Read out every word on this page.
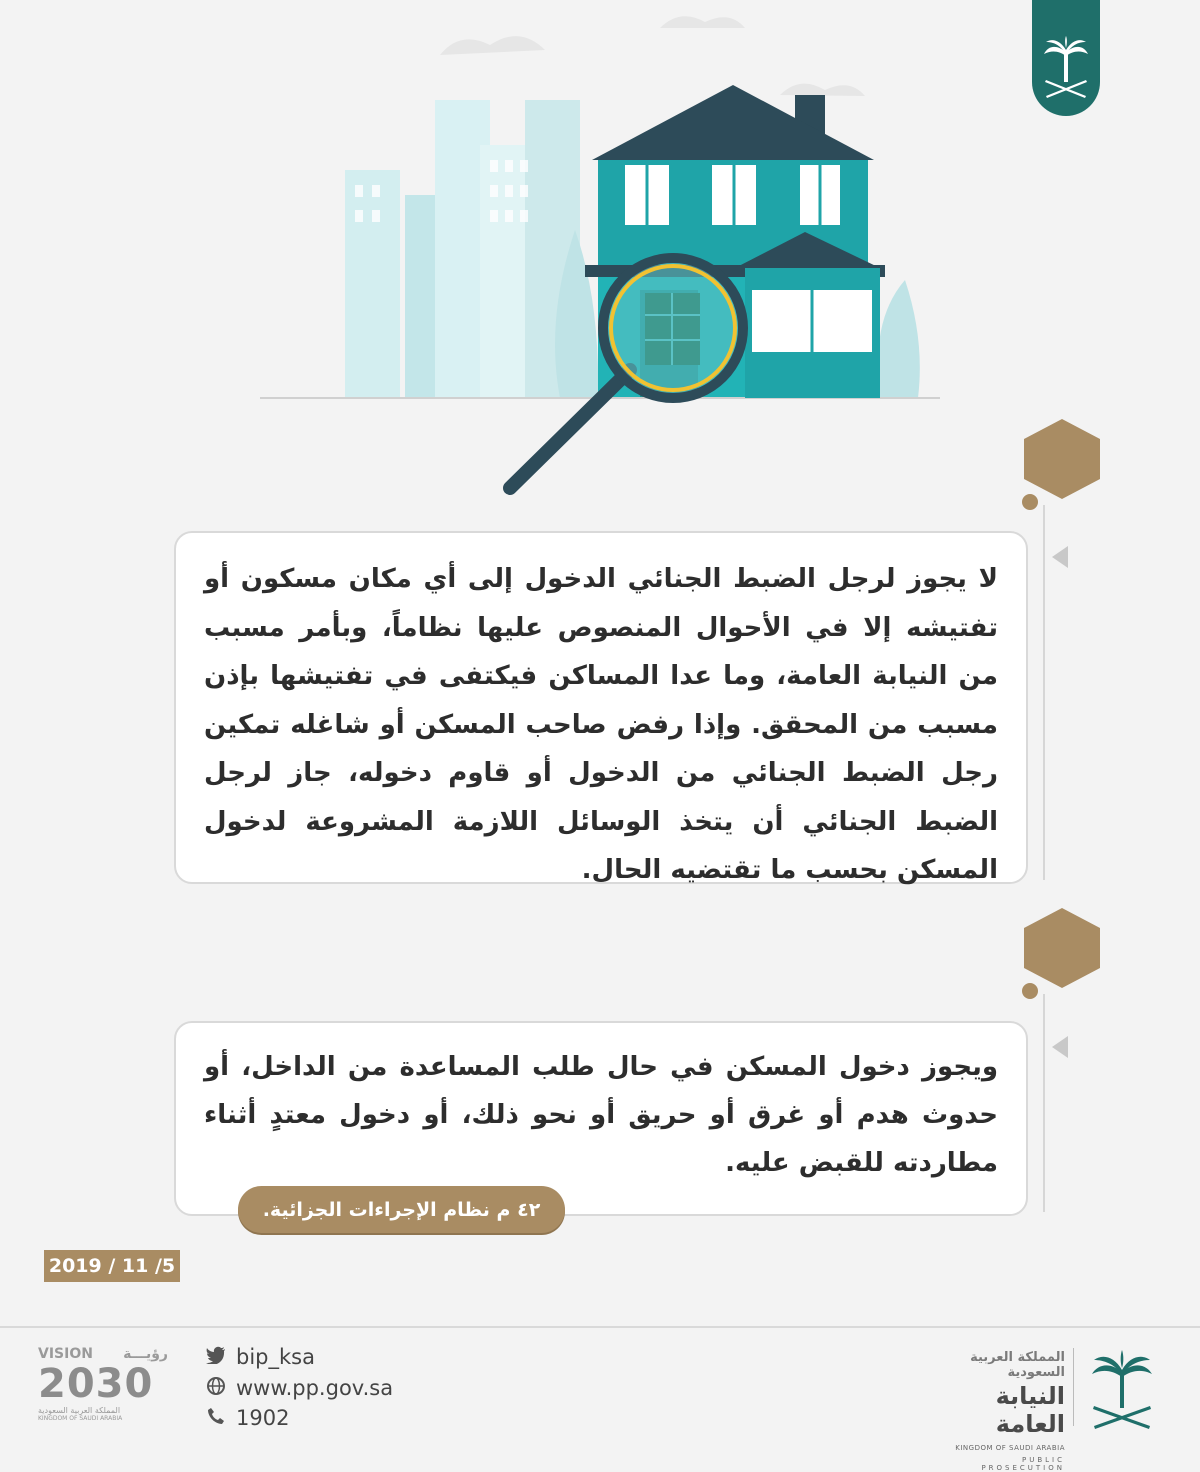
لا يجوز لرجل الضبط الجنائي الدخول إلى أي مكان مسكون أو تفتيشه إلا في الأحوال المنصوص عليها نظاماً، وبأمر مسبب من النيابة العامة، وما عدا المساكن فيكتفى في تفتيشها بإذن مسبب من المحقق. وإذا رفض صاحب المسكن أو شاغله تمكين رجل الضبط الجنائي من الدخول أو قاوم دخوله، جاز لرجل الضبط الجنائي أن يتخذ الوسائل اللازمة المشروعة لدخول المسكن بحسب ما تقتضيه الحال.

ويجوز دخول المسكن في حال طلب المساعدة من الداخل، أو حدوث هدم أو غرق أو حريق أو نحو ذلك، أو دخول معتدٍ أثناء مطاردته للقبض عليه.

٤٢ م نظام الإجراءات الجزائية.
2019 / 11 /5
VISION رؤيـــة
2030
المملكة العربية السعودية
KINGDOM OF SAUDI ARABIA
bip_ksa
www.pp.gov.sa
1902
المملكة العربية السعودية
النيابة العامة
KINGDOM OF SAUDI ARABIA
PUBLIC PROSECUTION
